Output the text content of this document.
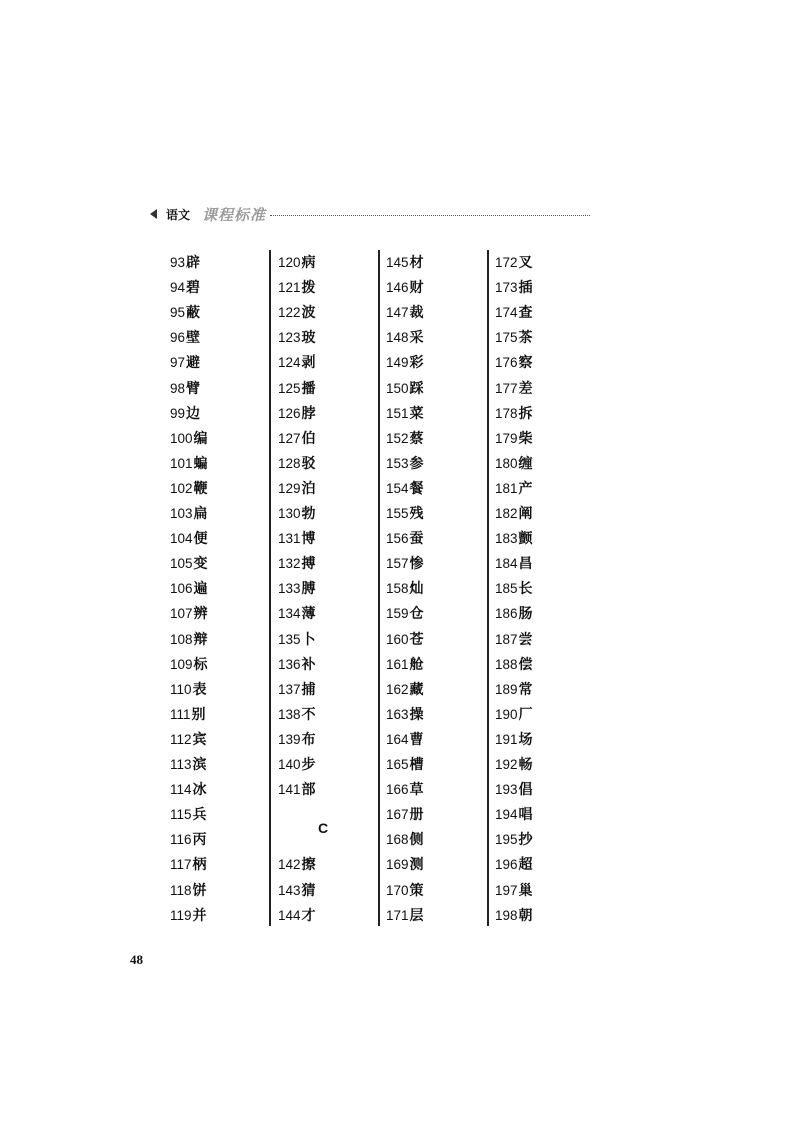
语文 课程标准
93辟
94碧
95蔽
96壁
97避
98臂
99边
100编
101蝙
102鞭
103扁
104便
105变
106遍
107辨
108辩
109标
110表
111别
112宾
113滨
114冰
115兵
116丙
117柄
118饼
119并
120病
121拨
122波
123玻
124剥
125播
126脖
127伯
128驳
129泊
130勃
131博
132搏
133膊
134薄
135卜
136补
137捕
138不
139布
140步
141部
142擦
143猜
144才
145材
146财
147裁
148采
149彩
150踩
151菜
152蔡
153参
154餐
155残
156蚕
157惨
158灿
159仓
160苍
161舱
162藏
163操
164曹
165槽
166草
167册
168侧
169测
170策
171层
172叉
173插
174查
175茶
176察
177差
178拆
179柴
180缠
181产
182阐
183颤
184昌
185长
186肠
187尝
188偿
189常
190厂
191场
192畅
193倡
194唱
195抄
196超
197巢
198朝
C
48
